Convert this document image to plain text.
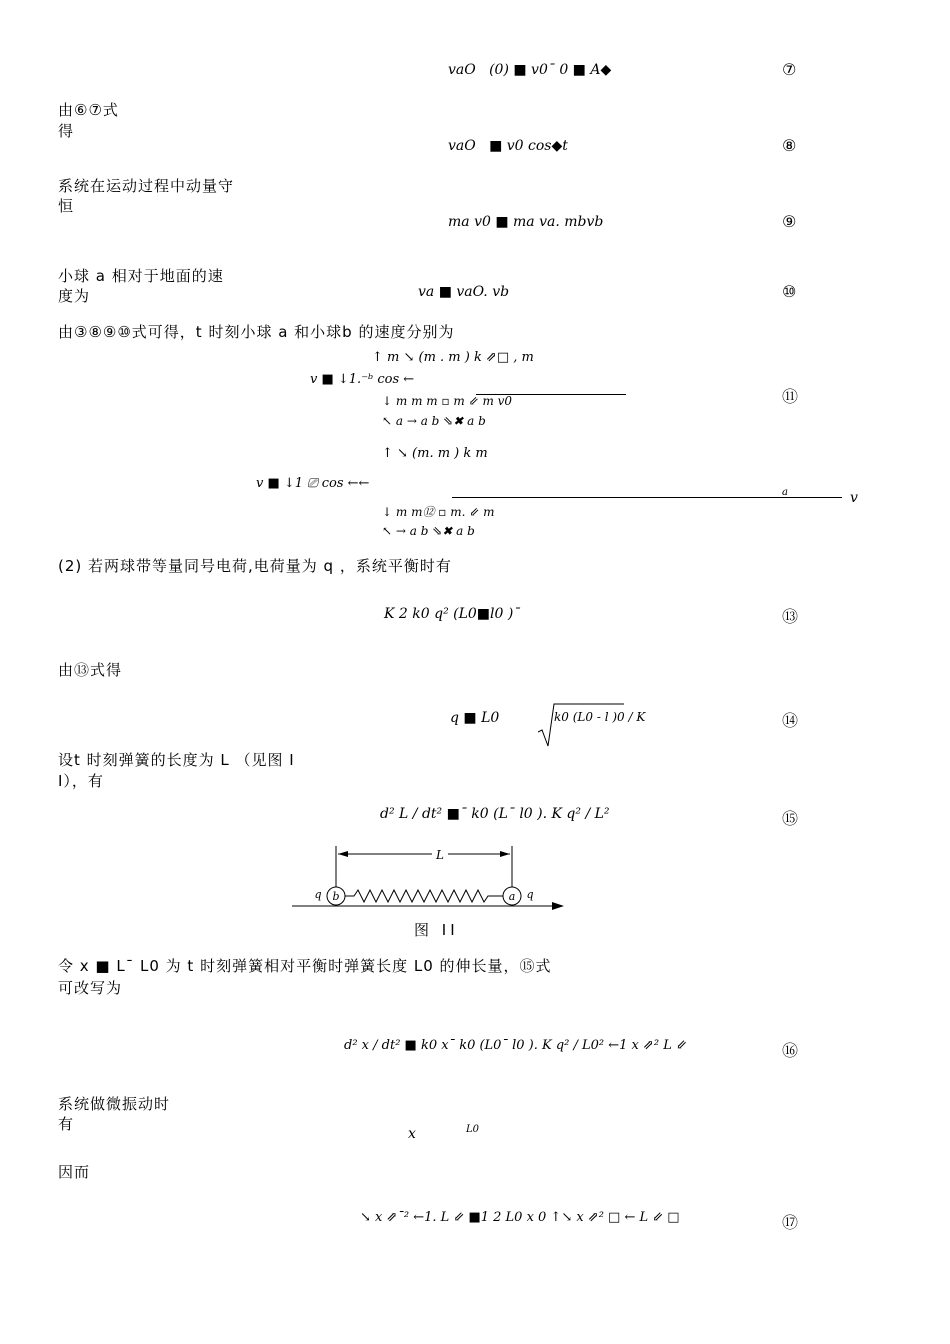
vaO (0) ■ v0ˉ 0 ■ A◆	⑦
由⑥⑦式
得
vaO ■ v0 cos◆t	⑧
系统在运动过程中动量守
恒
ma v0 ■ ma va. mbvb	⑨
小球 a 相对于地面的速
度为	va ■ vaO. vb	⑩
由③⑧⑨⑩式可得，t 时刻小球 a 和小球b 的速度分别为
↑ m ↘ (m . m ) k ⇗□ , m
v ■ ↓1.⁻ᵇ cos ←
↓ m m m ▫ m ⇙ m v0
↖ a → a b ⇘✖ a b
⑪
↑ ↘ (m. m ) k m
v ■ ↓1 ⎚ cos ←←
a	v
↓ m m⑫ ▫ m. ⇙ m
↖ → a b ⇘✖ a b
(2) 若两球带等量同号电荷,电荷量为 q ，系统平衡时有
K 2 k0 q² (L0■l0 )ˉ	⑬
由⑬式得
q ■ L0	k0 (L0 - l )0 / K	⑭
设t 时刻弹簧的长度为 L （见图 I
I），有
d² L / dt² ■ˉ k0 (Lˉ l0 ). K q² / L²	⑮
L
b	a
q	q
图 II
令 x ■ Lˉ L0 为 t 时刻弹簧相对平衡时弹簧长度 L0 的伸长量，⑮式
可改写为
d² x / dt² ■ k0 xˉ k0 (L0ˉ l0 ). K q² / L0² ←1 x ⇗² L ⇙	⑯
系统做微振动时
有
x	L0
因而
↘ x ⇗ˉ² ←1. L ⇙ ■1 2 L0 x 0 ↑↘ x ⇗² □ ← L ⇙ □	⑰
